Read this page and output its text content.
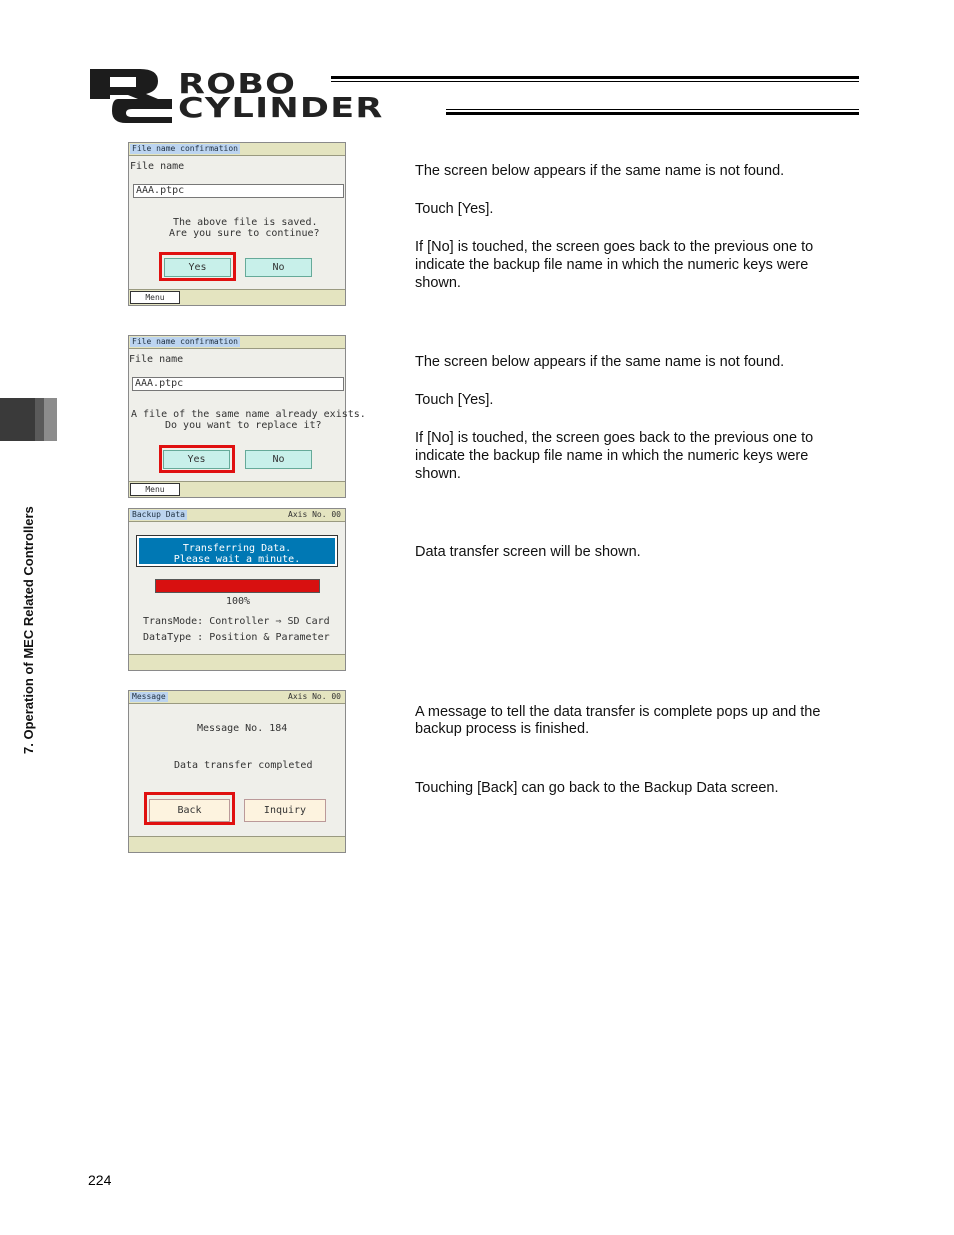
ROBO
CYLINDER
7. Operation of MEC Related Controllers
File name confirmation
File name
AAA.ptpc
The above file is saved.
Are you sure to continue?
Yes	No
Menu
The screen below appears if the same name is not found.
Touch [Yes].
If [No] is touched, the screen goes back to the previous one to
indicate the backup file name in which the numeric keys were
shown.
File name confirmation
File name
AAA.ptpc
A file of the same name already exists.
Do you want to replace it?
Yes	No
Menu
The screen below appears if the same name is not found.
Touch [Yes].
If [No] is touched, the screen goes back to the previous one to
indicate the backup file name in which the numeric keys were
shown.
Backup Data	Axis No. 00
Transferring Data.
Please wait a minute.
100%
TransMode: Controller ⇒ SD Card
DataType : Position & Parameter
Data transfer screen will be shown.
Message	Axis No. 00
Message No. 184
Data transfer completed
Back	Inquiry
A message to tell the data transfer is complete pops up and the
backup process is finished.
Touching [Back] can go back to the Backup Data screen.
224
